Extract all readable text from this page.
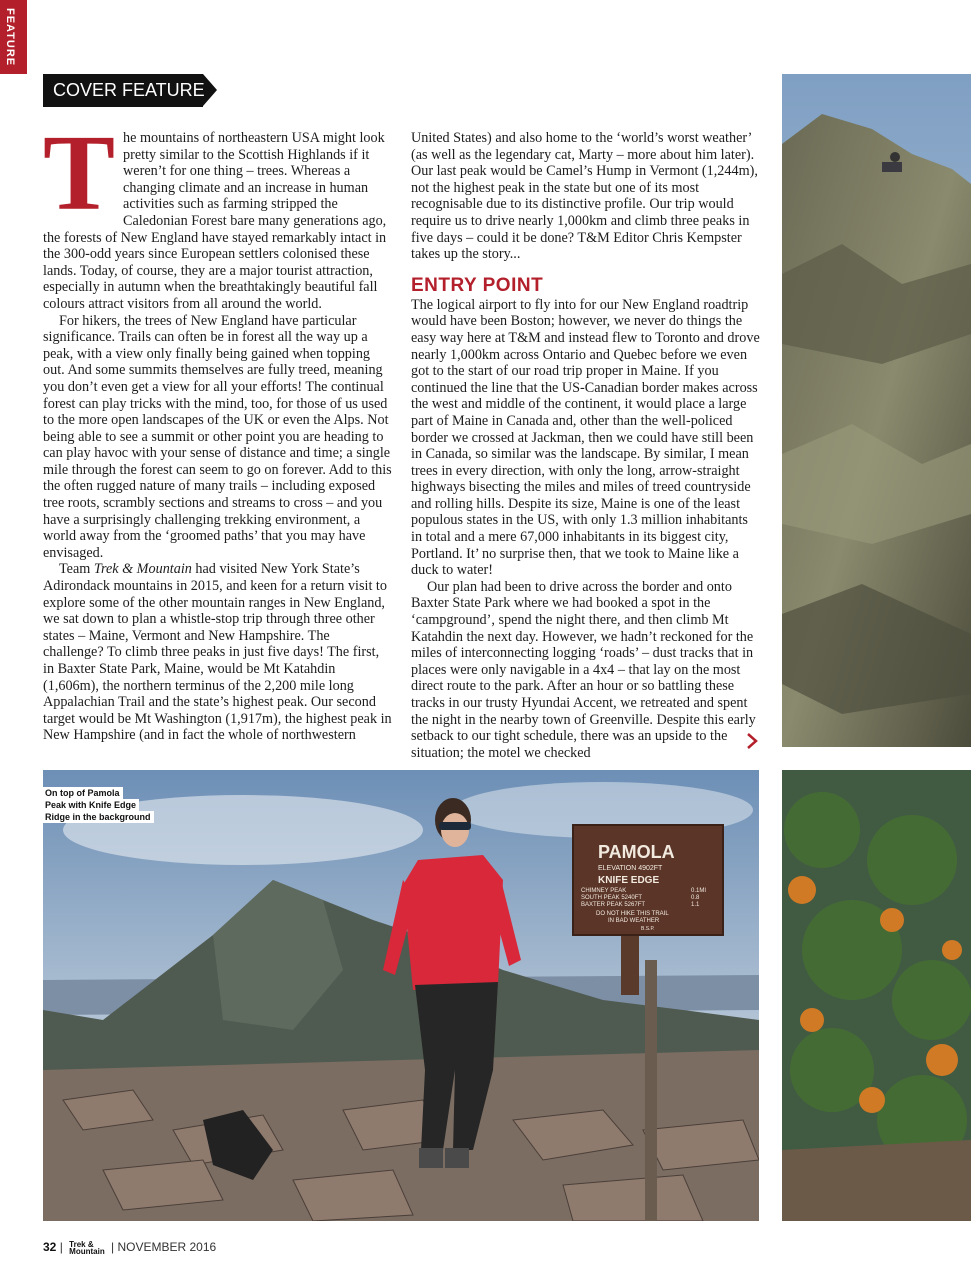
FEATURE
COVER FEATURE

The mountains of northeastern USA might look pretty similar to the Scottish Highlands if it weren’t for one thing – trees. Whereas a changing climate and an increase in human activities such as farming stripped the Caledonian Forest bare many generations ago, the forests of New England have stayed remarkably intact in the 300-odd years since European settlers colonised these lands. Today, of course, they are a major tourist attraction, especially in autumn when the breathtakingly beautiful fall colours attract visitors from all around the world.

For hikers, the trees of New England have particular significance. Trails can often be in forest all the way up a peak, with a view only finally being gained when topping out. And some summits themselves are fully treed, meaning you don’t even get a view for all your efforts! The continual forest can play tricks with the mind, too, for those of us used to the more open landscapes of the UK or even the Alps. Not being able to see a summit or other point you are heading to can play havoc with your sense of distance and time; a single mile through the forest can seem to go on forever. Add to this the often rugged nature of many trails – including exposed tree roots, scrambly sections and streams to cross – and you have a surprisingly challenging trekking environment, a world away from the ‘groomed paths’ that you may have envisaged.

Team Trek & Mountain had visited New York State’s Adirondack mountains in 2015, and keen for a return visit to explore some of the other mountain ranges in New England, we sat down to plan a whistle-stop trip through three other states – Maine, Vermont and New Hampshire. The challenge? To climb three peaks in just five days! The first, in Baxter State Park, Maine, would be Mt Katahdin (1,606m), the northern terminus of the 2,200 mile long Appalachian Trail and the state’s highest peak. Our second target would be Mt Washington (1,917m), the highest peak in New Hampshire (and in fact the whole of northwestern

United States) and also home to the ‘world’s worst weather’ (as well as the legendary cat, Marty – more about him later). Our last peak would be Camel’s Hump in Vermont (1,244m), not the highest peak in the state but one of its most recognisable due to its distinctive profile. Our trip would require us to drive nearly 1,000km and climb three peaks in five days – could it be done? T&M Editor Chris Kempster takes up the story...

ENTRY POINT

The logical airport to fly into for our New England roadtrip would have been Boston; however, we never do things the easy way here at T&M and instead flew to Toronto and drove nearly 1,000km across Ontario and Quebec before we even got to the start of our road trip proper in Maine. If you continued the line that the US-Canadian border makes across the west and middle of the continent, it would place a large part of Maine in Canada and, other than the well-policed border we crossed at Jackman, then we could have still been in Canada, so similar was the landscape. By similar, I mean trees in every direction, with only the long, arrow-straight highways bisecting the miles and miles of treed countryside and rolling hills. Despite its size, Maine is one of the least populous states in the US, with only 1.3 million inhabitants in total and a mere 67,000 inhabitants in its biggest city, Portland. It’ no surprise then, that we took to Maine like a duck to water!

Our plan had been to drive across the border and onto Baxter State Park where we had booked a spot in the ‘campground’, spend the night there, and then climb Mt Katahdin the next day. However, we hadn’t reckoned for the miles of interconnecting logging ‘roads’ – dust tracks that in places were only navigable in a 4x4 – that lay on the most direct route to the park. After an hour or so battling these tracks in our trusty Hyundai Accent, we retreated and spent the night in the nearby town of Greenville. Despite this early setback to our tight schedule, there was an upside to the situation; the motel we checked

PAMOLA
ELEVATION 4902FT
KNIFE EDGE
CHIMNEY PEAK	0.1MI
SOUTH PEAK 5240FT	0.8
BAXTER PEAK 5267FT	1.1
DO NOT HIKE THIS TRAIL
IN BAD WEATHER
B.S.P.
On top of Pamola
Peak with Knife Edge
Ridge in the background
32 | Trek &
Mountain | NOVEMBER 2016
